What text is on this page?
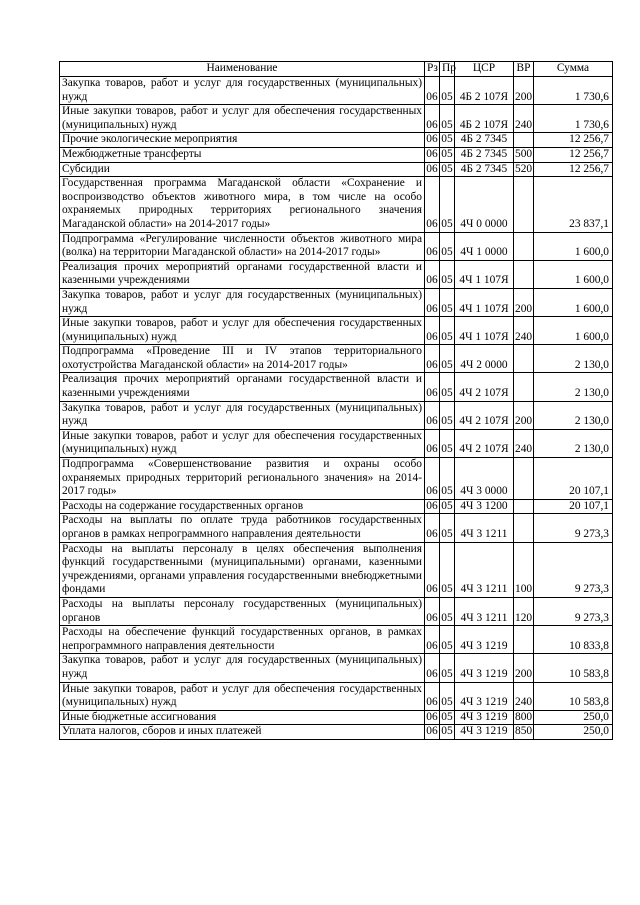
Наименование	Рз	Пр	ЦСР	ВР	Сумма
Закупка товаров, работ и услуг для государственных (муниципальных) нужд	06	05	4Б 2 107Я	200	1 730,6
Иные закупки товаров, работ и услуг для обеспечения государственных (муниципальных) нужд	06	05	4Б 2 107Я	240	1 730,6
Прочие экологические мероприятия	06	05	4Б 2 7345		12 256,7
Межбюджетные трансферты	06	05	4Б 2 7345	500	12 256,7
Субсидии	06	05	4Б 2 7345	520	12 256,7
Государственная программа Магаданской области «Сохранение и воспроизводство объектов животного мира, в том числе на особо охраняемых природных территориях регионального значения Магаданской области» на 2014-2017 годы»	06	05	4Ч 0 0000		23 837,1
Подпрограмма «Регулирование численности объектов животного мира (волка) на территории Магаданской области» на 2014-2017 годы»	06	05	4Ч 1 0000		1 600,0
Реализация прочих мероприятий органами государственной власти и казенными учреждениями	06	05	4Ч 1 107Я		1 600,0
Закупка товаров, работ и услуг для государственных (муниципальных) нужд	06	05	4Ч 1 107Я	200	1 600,0
Иные закупки товаров, работ и услуг для обеспечения государственных (муниципальных) нужд	06	05	4Ч 1 107Я	240	1 600,0
Подпрограмма «Проведение III и IV этапов территориального охотустройства Магаданской области» на 2014-2017 годы»	06	05	4Ч 2 0000		2 130,0
Реализация прочих мероприятий органами государственной власти и казенными учреждениями	06	05	4Ч 2 107Я		2 130,0
Закупка товаров, работ и услуг для государственных (муниципальных) нужд	06	05	4Ч 2 107Я	200	2 130,0
Иные закупки товаров, работ и услуг для обеспечения государственных (муниципальных) нужд	06	05	4Ч 2 107Я	240	2 130,0
Подпрограмма «Совершенствование развития и охраны особо охраняемых природных территорий регионального значения» на 2014-2017 годы»	06	05	4Ч 3 0000		20 107,1
Расходы на содержание государственных органов	06	05	4Ч 3 1200		20 107,1
Расходы на выплаты по оплате труда работников государственных органов в рамках непрограммного направления деятельности	06	05	4Ч 3 1211		9 273,3
Расходы на выплаты персоналу в целях обеспечения выполнения функций государственными (муниципальными) органами, казенными учреждениями, органами управления государственными внебюджетными фондами	06	05	4Ч 3 1211	100	9 273,3
Расходы на выплаты персоналу государственных (муниципальных) органов	06	05	4Ч 3 1211	120	9 273,3
Расходы на обеспечение функций государственных органов, в рамках непрограммного направления деятельности	06	05	4Ч 3 1219		10 833,8
Закупка товаров, работ и услуг для государственных (муниципальных) нужд	06	05	4Ч 3 1219	200	10 583,8
Иные закупки товаров, работ и услуг для обеспечения государственных (муниципальных) нужд	06	05	4Ч 3 1219	240	10 583,8
Иные бюджетные ассигнования	06	05	4Ч 3 1219	800	250,0
Уплата налогов, сборов и иных платежей	06	05	4Ч 3 1219	850	250,0
